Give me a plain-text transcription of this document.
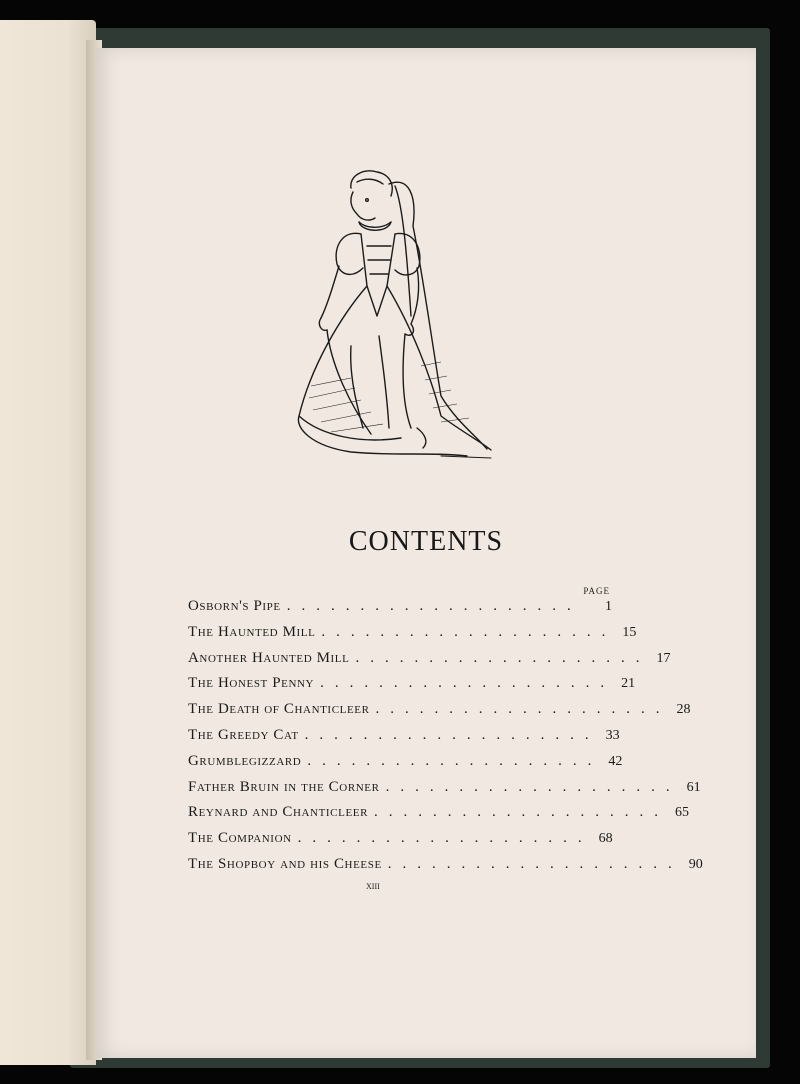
CONTENTS
PAGE
Osborn's Pipe ....................	1
The Haunted Mill .................... 15
Another Haunted Mill .................... 17
The Honest Penny .................... 21
The Death of Chanticleer .................... 28
The Greedy Cat .................... 33
Grumblegizzard .................... 42
Father Bruin in the Corner .................... 61
Reynard and Chanticleer .................... 65
The Companion .................... 68
The Shopboy and his Cheese .................... 90
xiii
